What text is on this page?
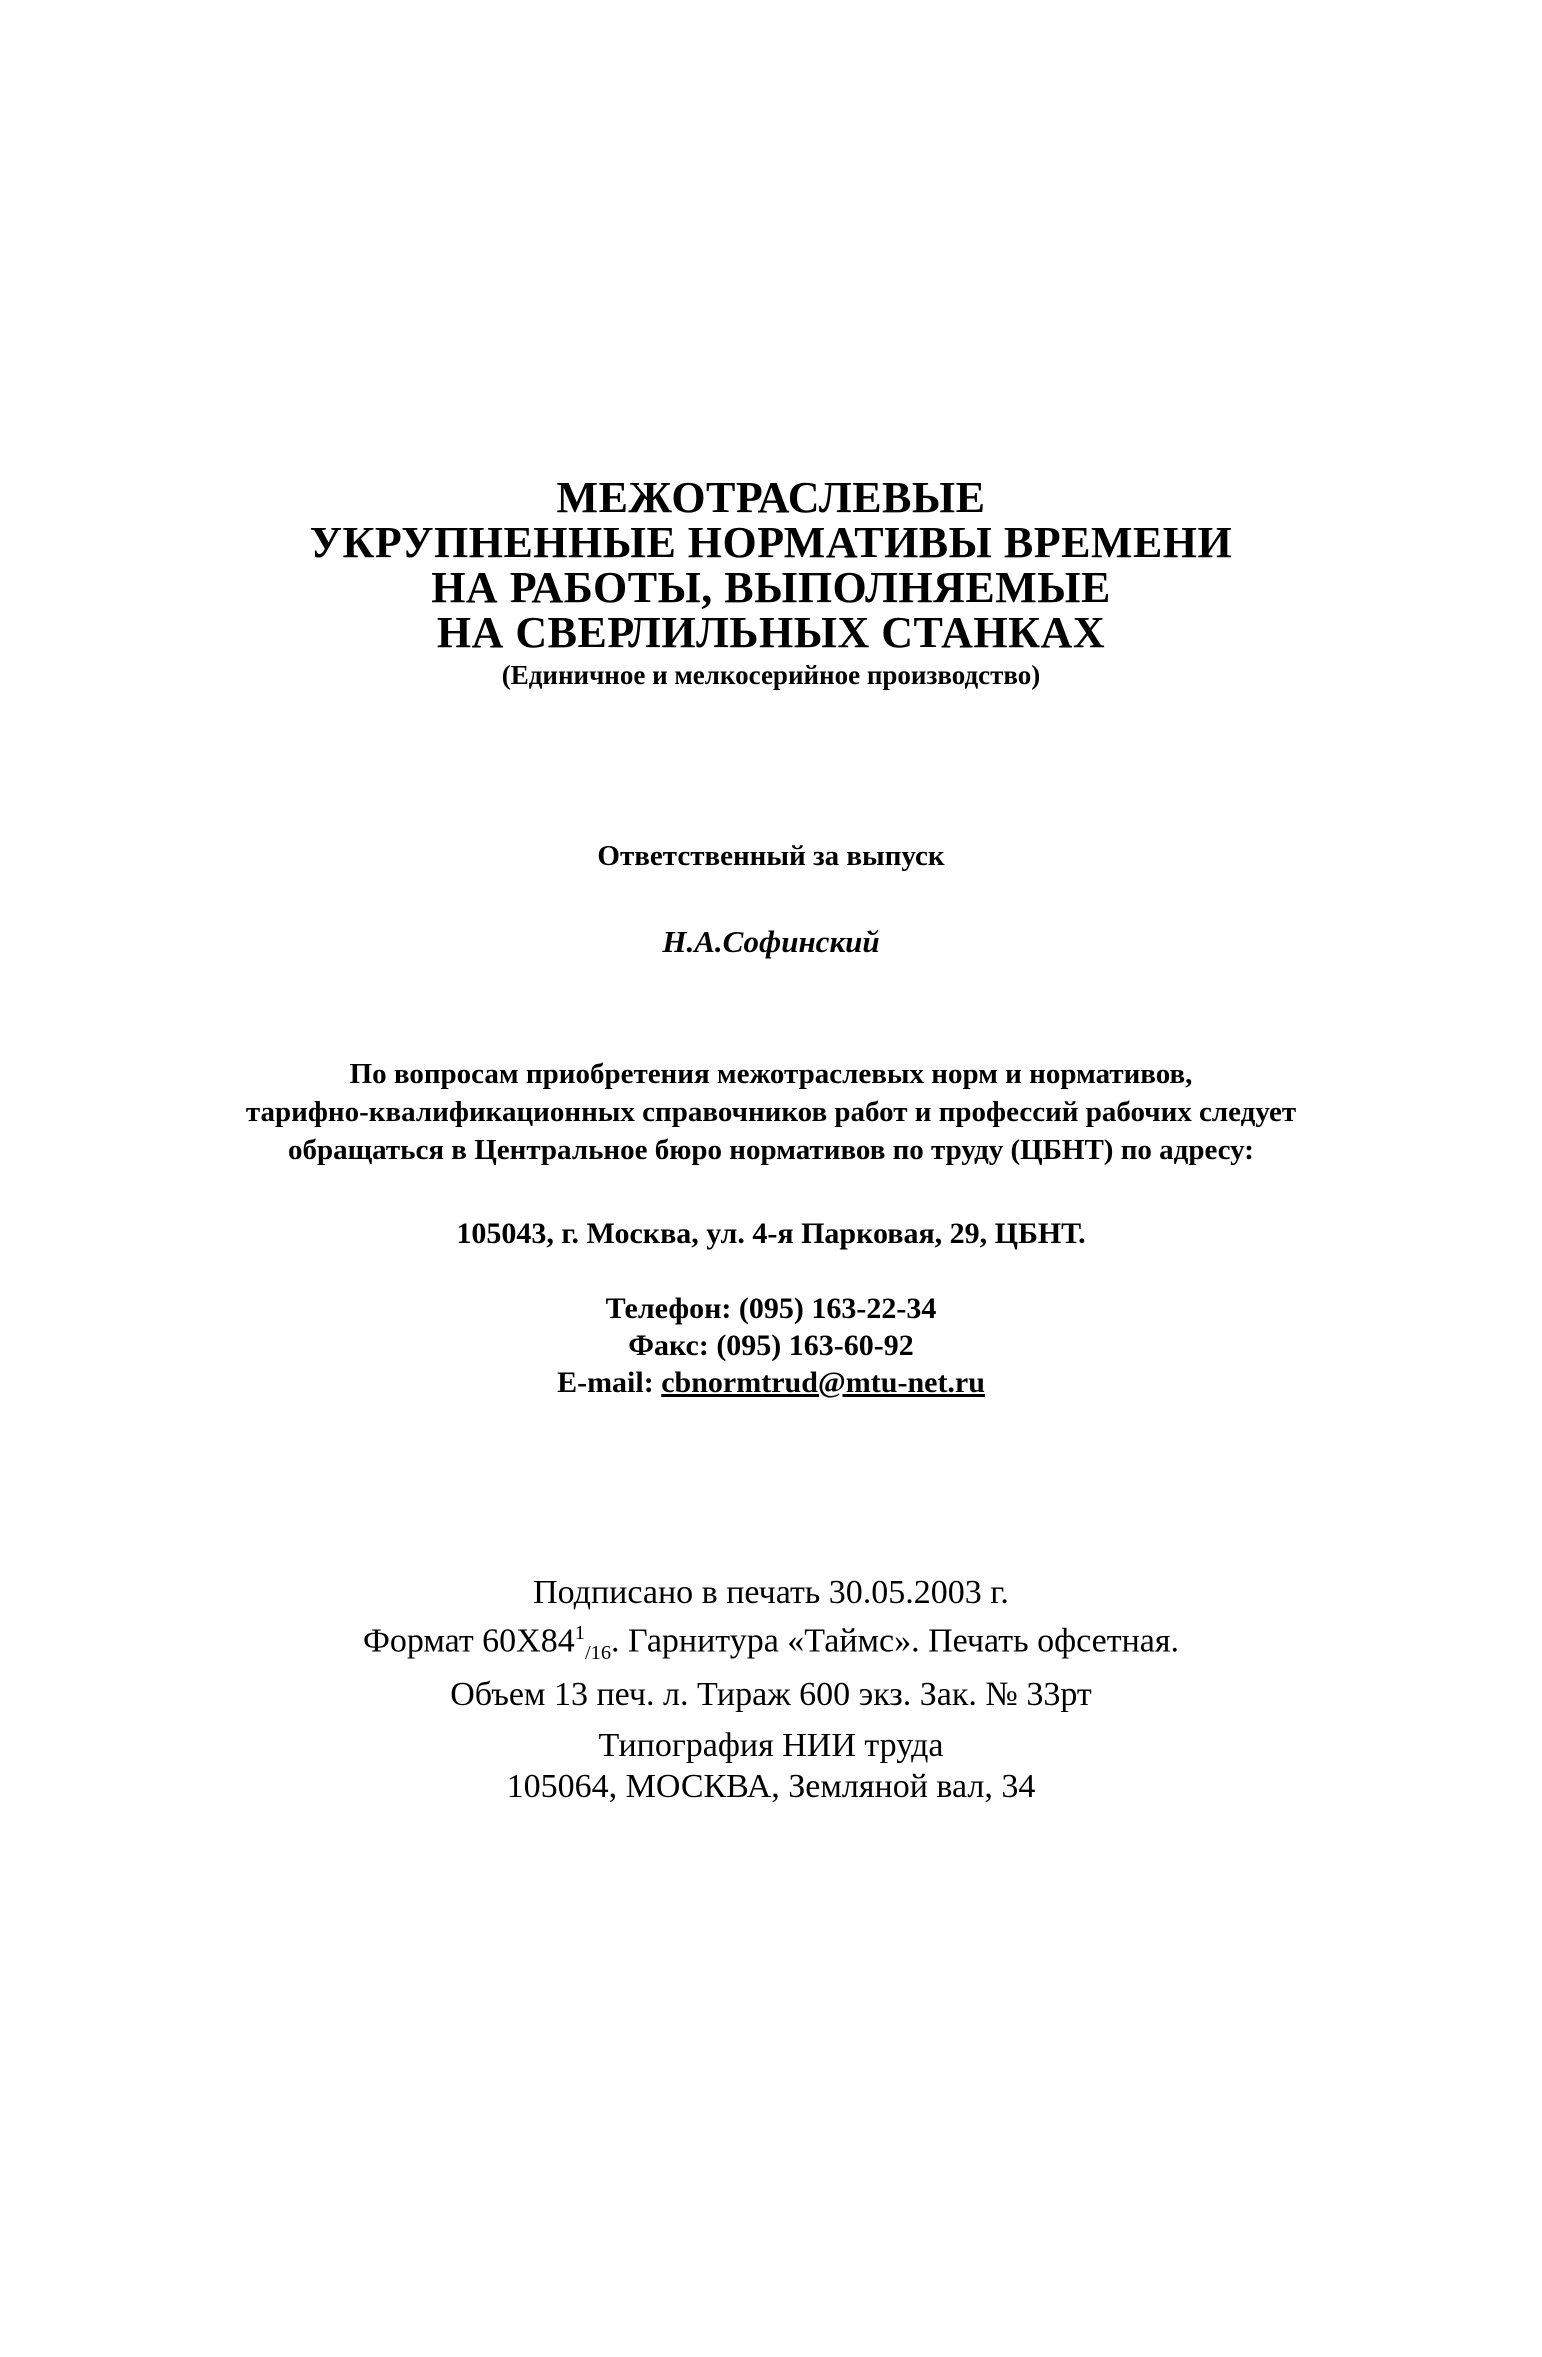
МЕЖОТРАСЛЕВЫЕ
УКРУПНЕННЫЕ НОРМАТИВЫ ВРЕМЕНИ
НА РАБОТЫ, ВЫПОЛНЯЕМЫЕ
НА СВЕРЛИЛЬНЫХ СТАНКАХ
(Единичное и мелкосерийное производство)
Ответственный за выпуск
Н.А.Софинский
По вопросам приобретения межотраслевых норм и нормативов,
тарифно-квалификационных справочников работ и профессий рабочих следует
обращаться в Центральное бюро нормативов по труду (ЦБНТ) по адресу:
105043, г. Москва, ул. 4-я Парковая, 29, ЦБНТ.
Телефон: (095) 163-22-34
Факс: (095) 163-60-92
E-mail: cbnormtrud@mtu-net.ru
Подписано в печать 30.05.2003 г.
Формат $60Х84^1_{/16}$. Гарнитура «Таймс». Печать офсетная.
Объем 13 печ. л. Тираж 600 экз. Зак. № 33рт
Типография НИИ труда
105064, МОСКВА, Земляной вал, 34
